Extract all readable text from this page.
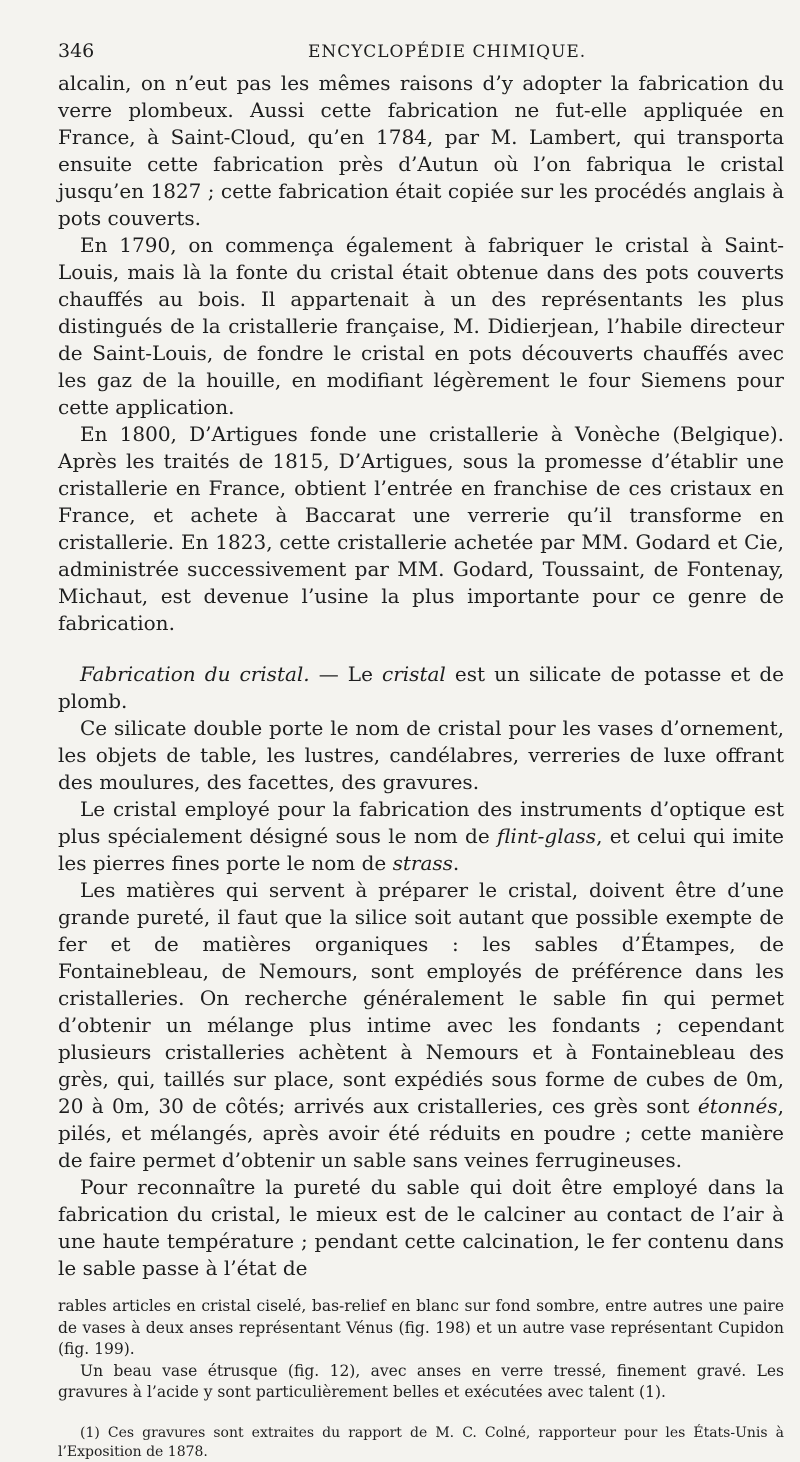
346	ENCYCLOPÉDIE CHIMIQUE.

alcalin, on n’eut pas les mêmes raisons d’y adopter la fabrication du verre plombeux. Aussi cette fabrication ne fut-elle appliquée en France, à Saint-Cloud, qu’en 1784, par M. Lambert, qui transporta ensuite cette fabrication près d’Autun où l’on fabriqua le cristal jusqu’en 1827 ; cette fabrication était copiée sur les procédés anglais à pots couverts.

En 1790, on commença également à fabriquer le cristal à Saint-Louis, mais là la fonte du cristal était obtenue dans des pots couverts chauffés au bois. Il appartenait à un des représentants les plus distingués de la cristallerie française, M. Didierjean, l’habile directeur de Saint-Louis, de fondre le cristal en pots découverts chauffés avec les gaz de la houille, en modifiant légèrement le four Siemens pour cette application.

En 1800, D’Artigues fonde une cristallerie à Vonèche (Belgique). Après les traités de 1815, D’Artigues, sous la promesse d’établir une cristallerie en France, obtient l’entrée en franchise de ces cristaux en France, et achete à Baccarat une verrerie qu’il transforme en cristallerie. En 1823, cette cristallerie achetée par MM. Godard et Cie, administrée successivement par MM. Godard, Toussaint, de Fontenay, Michaut, est devenue l’usine la plus importante pour ce genre de fabrication.

Fabrication du cristal. — Le cristal est un silicate de potasse et de plomb.

Ce silicate double porte le nom de cristal pour les vases d’ornement, les objets de table, les lustres, candélabres, verreries de luxe offrant des moulures, des facettes, des gravures.

Le cristal employé pour la fabrication des instruments d’optique est plus spécialement désigné sous le nom de flint-glass, et celui qui imite les pierres fines porte le nom de strass.

Les matières qui servent à préparer le cristal, doivent être d’une grande pureté, il faut que la silice soit autant que possible exempte de fer et de matières organiques : les sables d’Étampes, de Fontainebleau, de Nemours, sont employés de préférence dans les cristalleries. On recherche généralement le sable fin qui permet d’obtenir un mélange plus intime avec les fondants ; cependant plusieurs cristalleries achètent à Nemours et à Fontainebleau des grès, qui, taillés sur place, sont expédiés sous forme de cubes de 0m, 20 à 0m, 30 de côtés; arrivés aux cristalleries, ces grès sont étonnés, pilés, et mélangés, après avoir été réduits en poudre ; cette manière de faire permet d’obtenir un sable sans veines ferrugineuses.

Pour reconnaître la pureté du sable qui doit être employé dans la fabrication du cristal, le mieux est de le calciner au contact de l’air à une haute température ; pendant cette calcination, le fer contenu dans le sable passe à l’état de

rables articles en cristal ciselé, bas-relief en blanc sur fond sombre, entre autres une paire de vases à deux anses représentant Vénus (fig. 198) et un autre vase représentant Cupidon (fig. 199).

Un beau vase étrusque (fig. 12), avec anses en verre tressé, finement gravé. Les gravures à l’acide y sont particulièrement belles et exécutées avec talent (1).

(1) Ces gravures sont extraites du rapport de M. C. Colné, rapporteur pour les États-Unis à l’Exposition de 1878.
